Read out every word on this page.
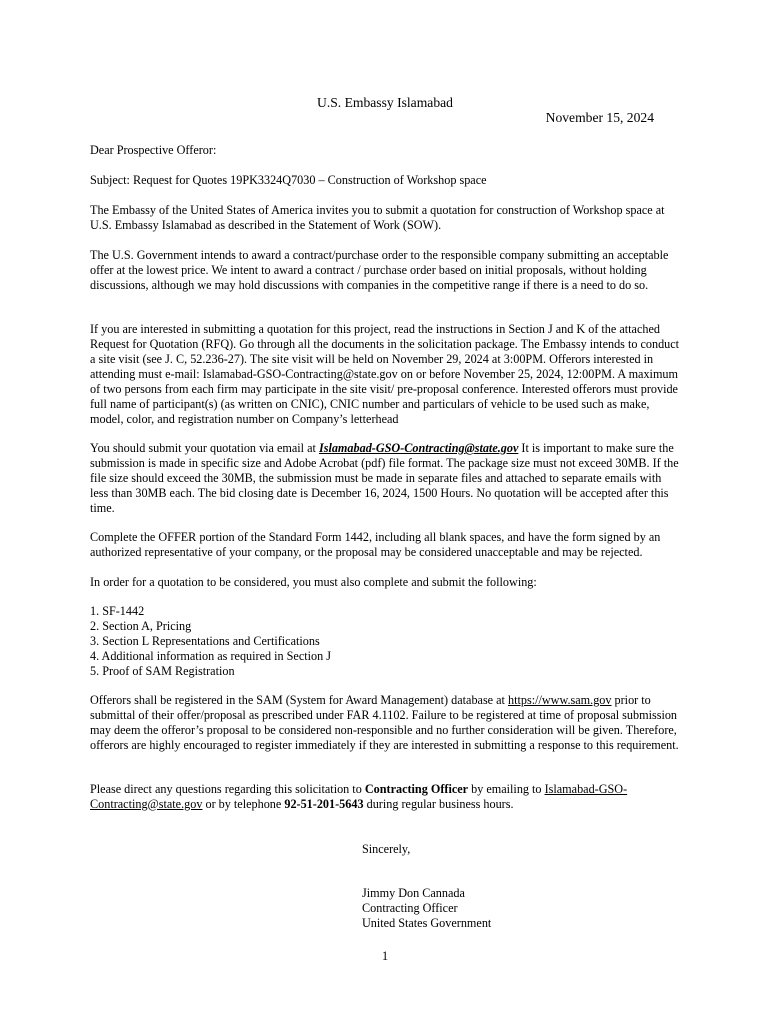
U.S. Embassy Islamabad
November 15, 2024

Dear Prospective Offeror:

Subject: Request for Quotes 19PK3324Q7030 – Construction of Workshop space

The Embassy of the United States of America invites you to submit a quotation for construction of Workshop space at U.S. Embassy Islamabad as described in the Statement of Work (SOW).

The U.S. Government intends to award a contract/purchase order to the responsible company submitting an acceptable offer at the lowest price. We intent to award a contract / purchase order based on initial proposals, without holding discussions, although we may hold discussions with companies in the competitive range if there is a need to do so.

If you are interested in submitting a quotation for this project, read the instructions in Section J and K of the attached Request for Quotation (RFQ). Go through all the documents in the solicitation package. The Embassy intends to conduct a site visit (see J. C, 52.236-27). The site visit will be held on November 29, 2024 at 3:00PM. Offerors interested in attending must e-mail: Islamabad-GSO-Contracting@state.gov on or before November 25, 2024, 12:00PM. A maximum of two persons from each firm may participate in the site visit/ pre-proposal conference. Interested offerors must provide full name of participant(s) (as written on CNIC), CNIC number and particulars of vehicle to be used such as make, model, color, and registration number on Company’s letterhead

You should submit your quotation via email at Islamabad-GSO-Contracting@state.gov It is important to make sure the submission is made in specific size and Adobe Acrobat (pdf) file format. The package size must not exceed 30MB. If the file size should exceed the 30MB, the submission must be made in separate files and attached to separate emails with less than 30MB each. The bid closing date is December 16, 2024, 1500 Hours. No quotation will be accepted after this time.

Complete the OFFER portion of the Standard Form 1442, including all blank spaces, and have the form signed by an authorized representative of your company, or the proposal may be considered unacceptable and may be rejected.

In order for a quotation to be considered, you must also complete and submit the following:

1. SF-1442
2. Section A, Pricing
3. Section L Representations and Certifications
4. Additional information as required in Section J
5. Proof of SAM Registration

Offerors shall be registered in the SAM (System for Award Management) database at https://www.sam.gov prior to submittal of their offer/proposal as prescribed under FAR 4.1102. Failure to be registered at time of proposal submission may deem the offeror’s proposal to be considered non-responsible and no further consideration will be given. Therefore, offerors are highly encouraged to register immediately if they are interested in submitting a response to this requirement.

Please direct any questions regarding this solicitation to Contracting Officer by emailing to Islamabad-GSO-Contracting@state.gov or by telephone 92-51-201-5643 during regular business hours.

Sincerely,

Jimmy Don Cannada
Contracting Officer
United States Government
1
